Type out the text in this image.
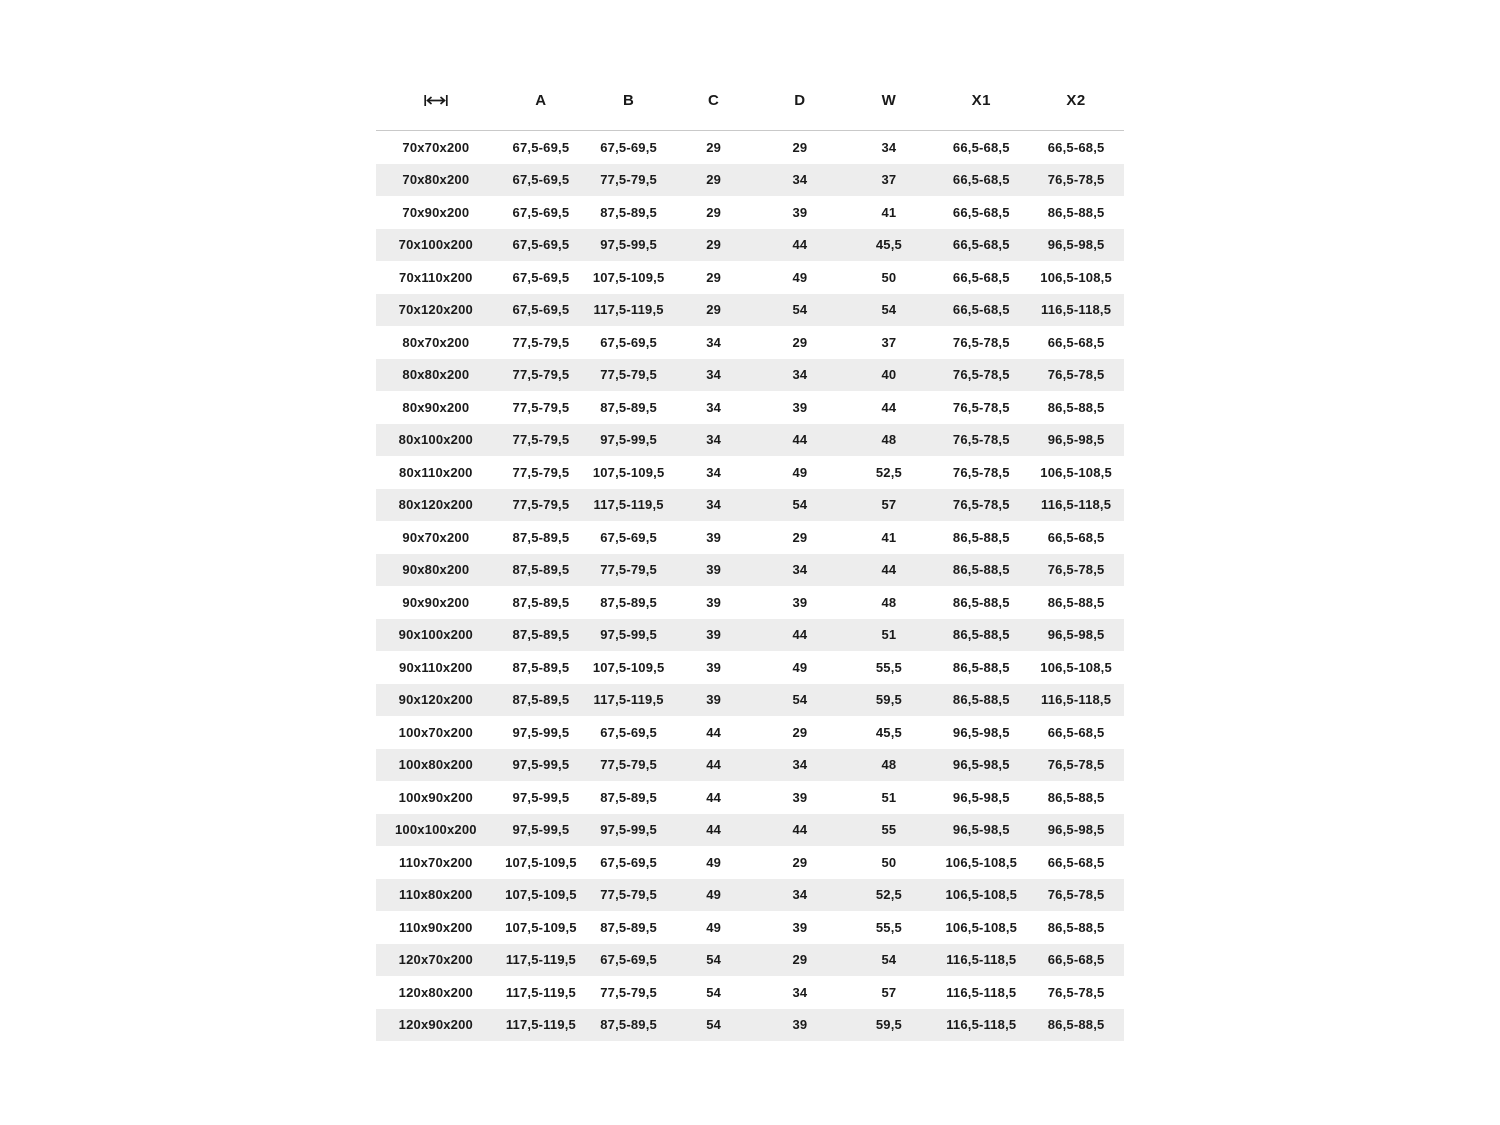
	A	B	C	D	W	X1	X2
70x70x200	67,5-69,5	67,5-69,5	29	29	34	66,5-68,5	66,5-68,5
70x80x200	67,5-69,5	77,5-79,5	29	34	37	66,5-68,5	76,5-78,5
70x90x200	67,5-69,5	87,5-89,5	29	39	41	66,5-68,5	86,5-88,5
70x100x200	67,5-69,5	97,5-99,5	29	44	45,5	66,5-68,5	96,5-98,5
70x110x200	67,5-69,5	107,5-109,5	29	49	50	66,5-68,5	106,5-108,5
70x120x200	67,5-69,5	117,5-119,5	29	54	54	66,5-68,5	116,5-118,5
80x70x200	77,5-79,5	67,5-69,5	34	29	37	76,5-78,5	66,5-68,5
80x80x200	77,5-79,5	77,5-79,5	34	34	40	76,5-78,5	76,5-78,5
80x90x200	77,5-79,5	87,5-89,5	34	39	44	76,5-78,5	86,5-88,5
80x100x200	77,5-79,5	97,5-99,5	34	44	48	76,5-78,5	96,5-98,5
80x110x200	77,5-79,5	107,5-109,5	34	49	52,5	76,5-78,5	106,5-108,5
80x120x200	77,5-79,5	117,5-119,5	34	54	57	76,5-78,5	116,5-118,5
90x70x200	87,5-89,5	67,5-69,5	39	29	41	86,5-88,5	66,5-68,5
90x80x200	87,5-89,5	77,5-79,5	39	34	44	86,5-88,5	76,5-78,5
90x90x200	87,5-89,5	87,5-89,5	39	39	48	86,5-88,5	86,5-88,5
90x100x200	87,5-89,5	97,5-99,5	39	44	51	86,5-88,5	96,5-98,5
90x110x200	87,5-89,5	107,5-109,5	39	49	55,5	86,5-88,5	106,5-108,5
90x120x200	87,5-89,5	117,5-119,5	39	54	59,5	86,5-88,5	116,5-118,5
100x70x200	97,5-99,5	67,5-69,5	44	29	45,5	96,5-98,5	66,5-68,5
100x80x200	97,5-99,5	77,5-79,5	44	34	48	96,5-98,5	76,5-78,5
100x90x200	97,5-99,5	87,5-89,5	44	39	51	96,5-98,5	86,5-88,5
100x100x200	97,5-99,5	97,5-99,5	44	44	55	96,5-98,5	96,5-98,5
110x70x200	107,5-109,5	67,5-69,5	49	29	50	106,5-108,5	66,5-68,5
110x80x200	107,5-109,5	77,5-79,5	49	34	52,5	106,5-108,5	76,5-78,5
110x90x200	107,5-109,5	87,5-89,5	49	39	55,5	106,5-108,5	86,5-88,5
120x70x200	117,5-119,5	67,5-69,5	54	29	54	116,5-118,5	66,5-68,5
120x80x200	117,5-119,5	77,5-79,5	54	34	57	116,5-118,5	76,5-78,5
120x90x200	117,5-119,5	87,5-89,5	54	39	59,5	116,5-118,5	86,5-88,5
